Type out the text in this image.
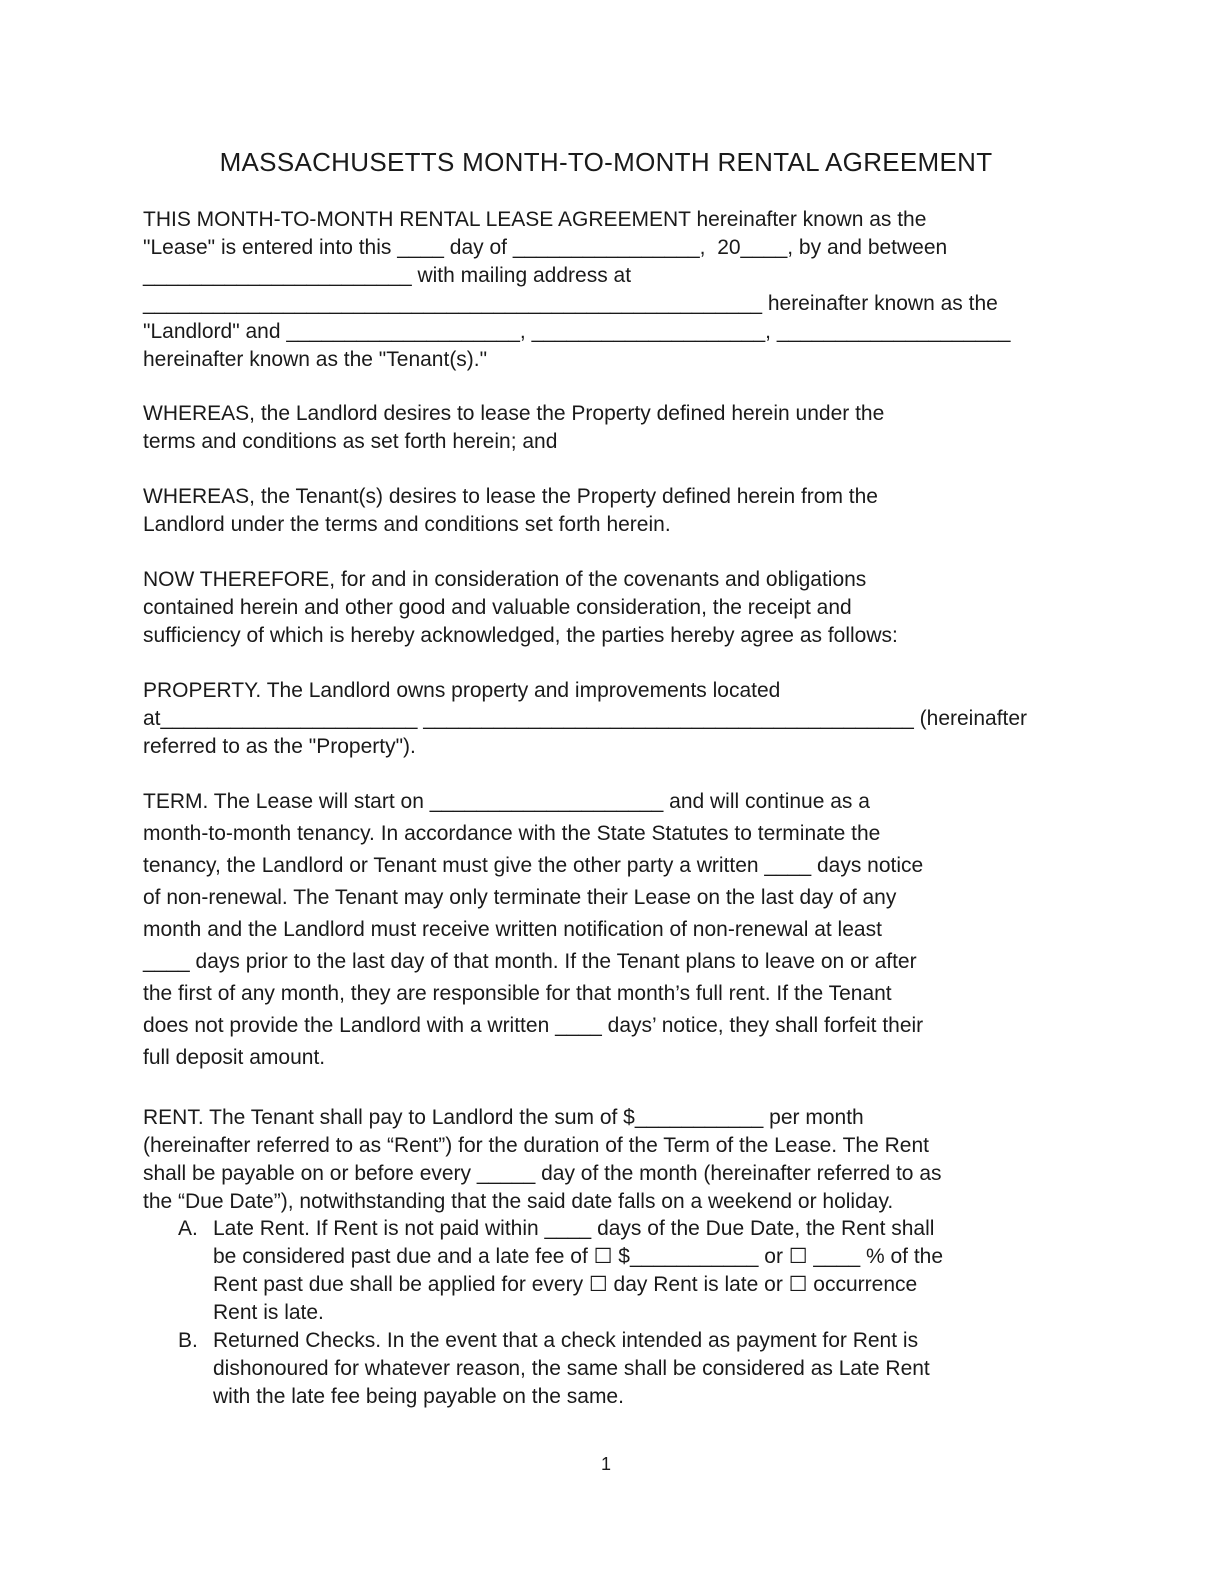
MASSACHUSETTS MONTH-TO-MONTH RENTAL AGREEMENT
THIS MONTH-TO-MONTH RENTAL LEASE AGREEMENT hereinafter known as the
"Lease" is entered into this ____ day of ________________,  20____, by and between
_______________________ with mailing address at
_____________________________________________________ hereinafter known as the
"Landlord" and ____________________, ____________________, ____________________
hereinafter known as the "Tenant(s)."
WHEREAS, the Landlord desires to lease the Property defined herein under the
terms and conditions as set forth herein; and
WHEREAS, the Tenant(s) desires to lease the Property defined herein from the
Landlord under the terms and conditions set forth herein.
NOW THEREFORE, for and in consideration of the covenants and obligations
contained herein and other good and valuable consideration, the receipt and
sufficiency of which is hereby acknowledged, the parties hereby agree as follows:
PROPERTY. The Landlord owns property and improvements located
at______________________ __________________________________________ (hereinafter
referred to as the "Property").
TERM. The Lease will start on ____________________ and will continue as a
month-to-month tenancy. In accordance with the State Statutes to terminate the
tenancy, the Landlord or Tenant must give the other party a written ____ days notice
of non-renewal. The Tenant may only terminate their Lease on the last day of any
month and the Landlord must receive written notification of non-renewal at least
____ days prior to the last day of that month. If the Tenant plans to leave on or after
the first of any month, they are responsible for that month’s full rent. If the Tenant
does not provide the Landlord with a written ____ days’ notice, they shall forfeit their
full deposit amount.
RENT. The Tenant shall pay to Landlord the sum of $___________ per month
(hereinafter referred to as “Rent”) for the duration of the Term of the Lease. The Rent
shall be payable on or before every _____ day of the month (hereinafter referred to as
the “Due Date”), notwithstanding that the said date falls on a weekend or holiday.
A. Late Rent. If Rent is not paid within ____ days of the Due Date, the Rent shall
be considered past due and a late fee of ☐ $___________ or ☐ ____ % of the
Rent past due shall be applied for every ☐ day Rent is late or ☐ occurrence
Rent is late.
B. Returned Checks. In the event that a check intended as payment for Rent is
dishonoured for whatever reason, the same shall be considered as Late Rent
with the late fee being payable on the same.
1
